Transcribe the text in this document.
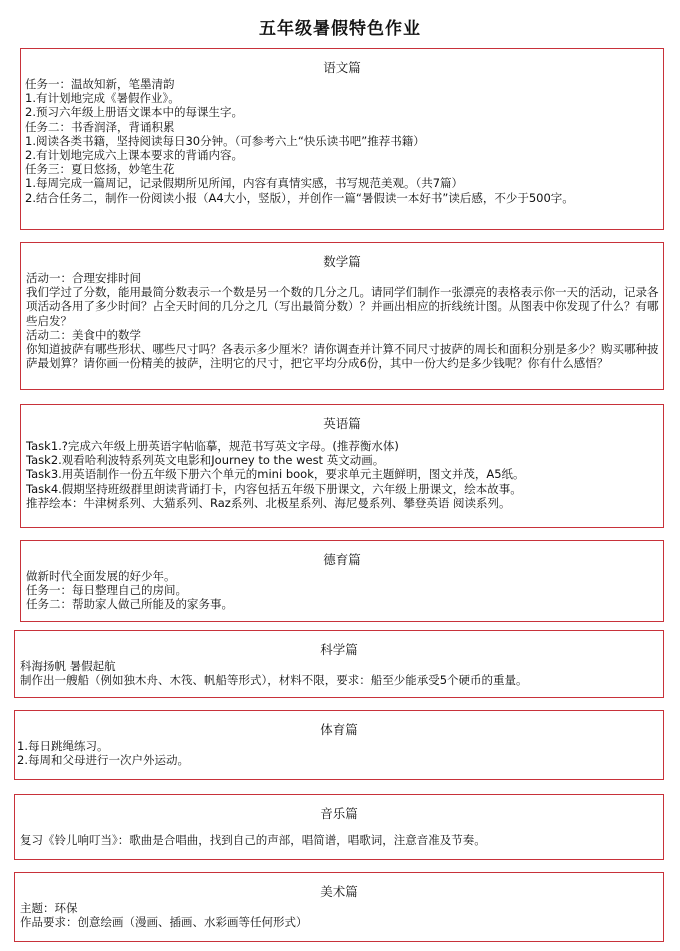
五年级暑假特色作业
语文篇
任务一：温故知新，笔墨清韵
1.有计划地完成《暑假作业》。
2.预习六年级上册语文课本中的每课生字。
任务二：书香润泽，背诵积累
1.阅读各类书籍，坚持阅读每日30分钟。（可参考六上“快乐读书吧”推荐书籍）
2.有计划地完成六上课本要求的背诵内容。
任务三：夏日悠扬，妙笔生花
1.每周完成一篇周记，记录假期所见所闻，内容有真情实感，书写规范美观。（共7篇）
2.结合任务二，制作一份阅读小报（A4大小，竖版），并创作一篇“暑假读一本好书”读后感，不少于500字。
数学篇
活动一：合理安排时间
我们学过了分数，能用最简分数表示一个数是另一个数的几分之几。请同学们制作一张漂亮的表格表示你一天的活动，记录各项活动各用了多少时间？占全天时间的几分之几（写出最简分数）？并画出相应的折线统计图。从图表中你发现了什么？有哪些启发？
活动二：美食中的数学
你知道披萨有哪些形状、哪些尺寸吗？各表示多少厘米？请你调查并计算不同尺寸披萨的周长和面积分别是多少？购买哪种披萨最划算？请你画一份精美的披萨，注明它的尺寸，把它平均分成6份，其中一份大约是多少钱呢？你有什么感悟？
英语篇
Task1.?完成六年级上册英语字帖临摹，规范书写英文字母。(推荐衡水体)
Task2.观看哈利波特系列英文电影和Journey to the west 英文动画。
Task3.用英语制作一份五年级下册六个单元的mini book，要求单元主题鲜明，图文并茂，A5纸。
Task4.假期坚持班级群里朗读背诵打卡，内容包括五年级下册课文，六年级上册课文，绘本故事。
推荐绘本：牛津树系列、大猫系列、Raz系列、北极星系列、海尼曼系列、攀登英语 阅读系列。
德育篇
做新时代全面发展的好少年。
任务一：每日整理自己的房间。
任务二：帮助家人做己所能及的家务事。
科学篇
科海扬帆 暑假起航
制作出一艘船（例如独木舟、木筏、帆船等形式），材料不限，要求：船至少能承受5个硬币的重量。
体育篇
1.每日跳绳练习。
2.每周和父母进行一次户外运动。
音乐篇
复习《铃儿响叮当》：歌曲是合唱曲，找到自己的声部，唱简谱，唱歌词，注意音准及节奏。
美术篇
主题：环保
作品要求：创意绘画（漫画、插画、水彩画等任何形式）
